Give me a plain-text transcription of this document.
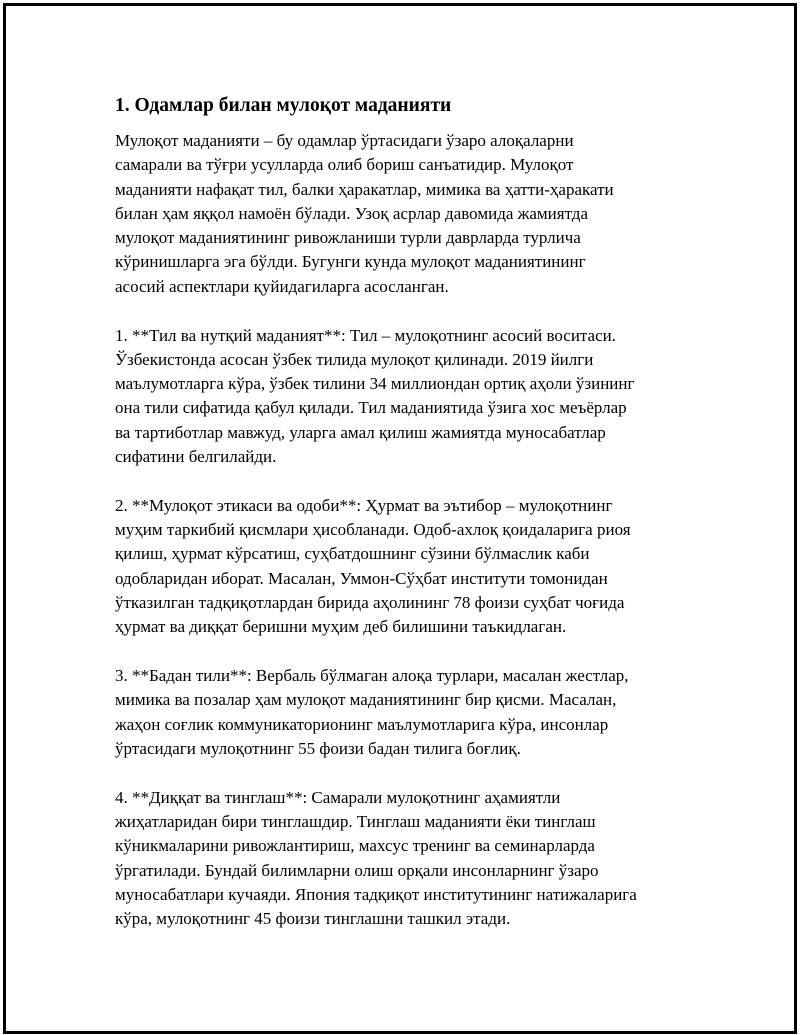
1. Одамлар билан мулоқот маданияти

Мулоқот маданияти – бу одамлар ўртасидаги ўзаро алоқаларни
самарали ва тўғри усулларда олиб бориш санъатидир. Мулоқот
маданияти нафақат тил, балки ҳаракатлар, мимика ва ҳатти-ҳаракати
билан ҳам яққол намоён бўлади. Узоқ асрлар давомида жамиятда
мулоқот маданиятининг ривожланиши турли даврларда турлича
кўринишларга эга бўлди. Бугунги кунда мулоқот маданиятининг
асосий аспектлари қуйидагиларга асосланган.

1. **Тил ва нутқий маданият**: Тил – мулоқотнинг асосий воситаси.
Ўзбекистонда асосан ўзбек тилида мулоқот қилинади. 2019 йилги
маълумотларга кўра, ўзбек тилини 34 миллиондан ортиқ аҳоли ўзининг
она тили сифатида қабул қилади. Тил маданиятида ўзига хос меъёрлар
ва тартиботлар мавжуд, уларга амал қилиш жамиятда муносабатлар
сифатини белгилайди.

2. **Мулоқот этикаси ва одоби**: Ҳурмат ва эътибор – мулоқотнинг
муҳим таркибий қисмлари ҳисобланади. Одоб-ахлоқ қоидаларига риоя
қилиш, ҳурмат кўрсатиш, суҳбатдошнинг сўзини бўлмаслик каби
одобларидан иборат. Масалан, Уммон-Сўҳбат институти томонидан
ўтказилган тадқиқотлардан бирида аҳолининг 78 фоизи суҳбат чоғида
ҳурмат ва диққат беришни муҳим деб билишини таъкидлаган.

3. **Бадан тили**: Вербаль бўлмаган алоқа турлари, масалан жестлар,
мимика ва позалар ҳам мулоқот маданиятининг бир қисми. Масалан,
жаҳон соғлик коммуникаторионинг маълумотларига кўра, инсонлар
ўртасидаги мулоқотнинг 55 фоизи бадан тилига боғлиқ.

4. **Диққат ва тинглаш**: Самарали мулоқотнинг аҳамиятли
жиҳатларидан бири тинглашдир. Тинглаш маданияти ёки тинглаш
кўникмаларини ривожлантириш, махсус тренинг ва семинарларда
ўргатилади. Бундай билимларни олиш орқали инсонларнинг ўзаро
муносабатлари кучаяди. Япония тадқиқот институтининг натижаларига
кўра, мулоқотнинг 45 фоизи тинглашни ташкил этади.
